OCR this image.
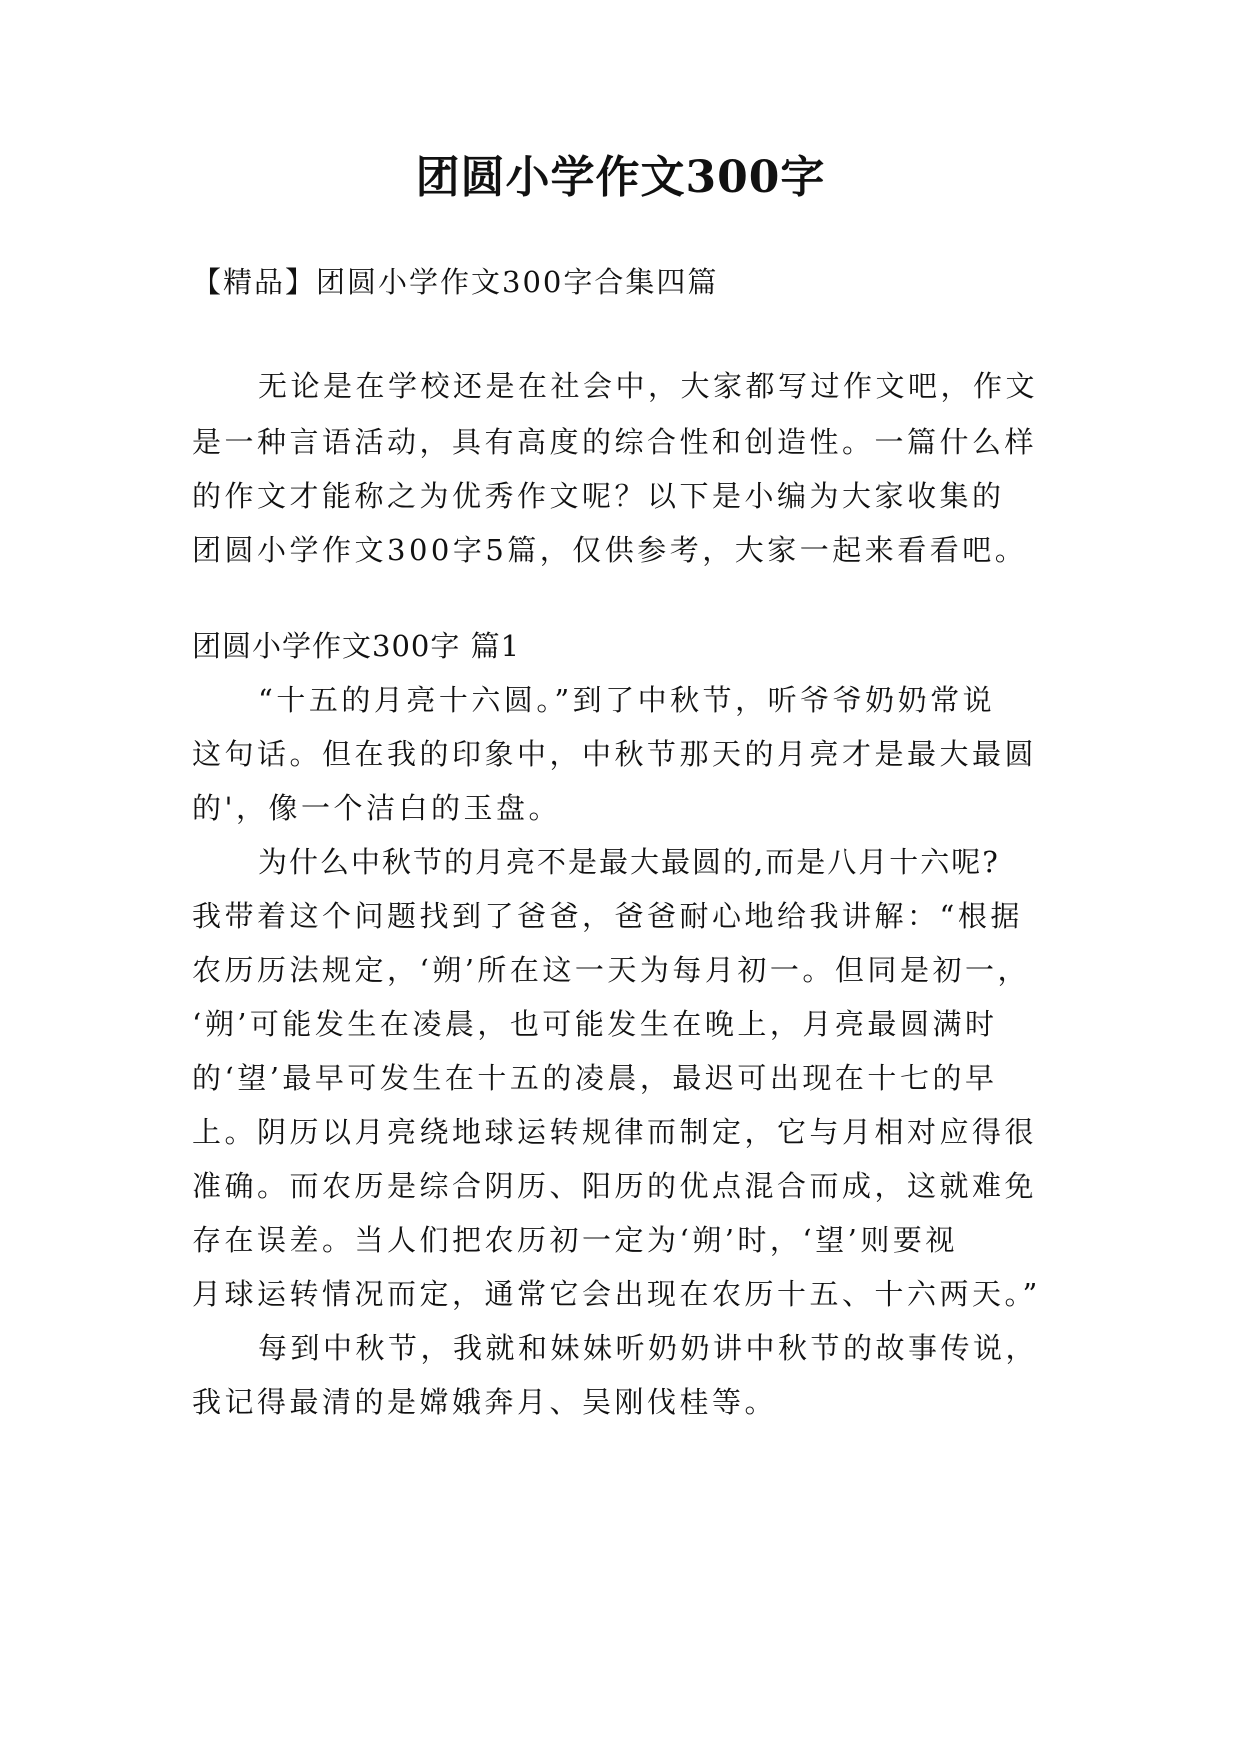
团圆小学作文300字
【精品】团圆小学作文300字合集四篇
无论是在学校还是在社会中，大家都写过作文吧，作文
是一种言语活动，具有高度的综合性和创造性。一篇什么样
的作文才能称之为优秀作文呢？以下是小编为大家收集的
团圆小学作文300字5篇，仅供参考，大家一起来看看吧。
团圆小学作文300字 篇1
“十五的月亮十六圆。”到了中秋节，听爷爷奶奶常说
这句话。但在我的印象中，中秋节那天的月亮才是最大最圆
的'，像一个洁白的玉盘。
为什么中秋节的月亮不是最大最圆的,而是八月十六呢?
我带着这个问题找到了爸爸，爸爸耐心地给我讲解：“根据
农历历法规定，‘朔’所在这一天为每月初一。但同是初一，
‘朔’可能发生在凌晨，也可能发生在晚上，月亮最圆满时
的‘望’最早可发生在十五的凌晨，最迟可出现在十七的早
上。阴历以月亮绕地球运转规律而制定，它与月相对应得很
准确。而农历是综合阴历、阳历的优点混合而成，这就难免
存在误差。当人们把农历初一定为‘朔’时，‘望’则要视
月球运转情况而定，通常它会出现在农历十五、十六两天。”
每到中秋节，我就和妹妹听奶奶讲中秋节的故事传说，
我记得最清的是嫦娥奔月、吴刚伐桂等。
